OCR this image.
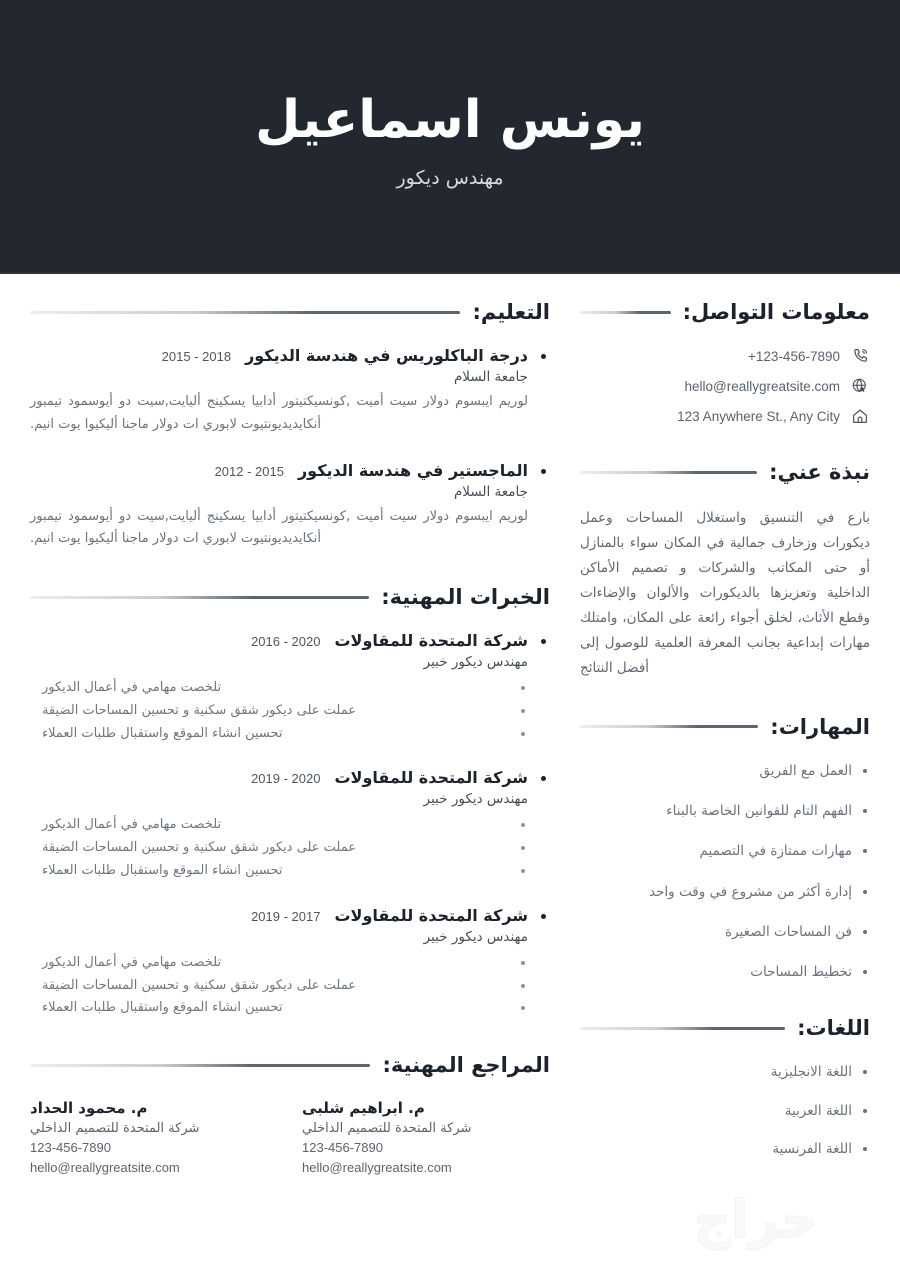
يونس اسماعيل
مهندس ديكور
معلومات التواصل:
+123-456-7890
hello@reallygreatsite.com
123 Anywhere St., Any City
نبذة عني:

بارع في التنسيق واستغلال المساحات وعمل ديكورات وزخارف جمالية في المكان سواء بالمنازل أو حتى المكاتب والشركات و تصميم الأماكن الداخلية وتعزيزها بالديكورات والألوان والإضاءات وقطع الأثاث، لخلق أجواء رائعة على المكان، وامتلك مهارات إبداعية بجانب المعرفة العلمية للوصول إلى أفضل النتائج

المهارات:
العمل مع الفريق
الفهم التام للقوانين الخاصة بالبناء
مهارات ممتازة في التصميم
إدارة أكثر من مشروع في وقت واحد
فن المساحات الصغيرة
تخطيط المساحات
اللغات:
اللغة الانجليزية
اللغة العربية
اللغة الفرنسية
التعليم:
درجة الباكلوريس في هندسة الديكور
2015 - 2018
جامعة السلام

لوريم ايبسوم دولار سيت أميت ,كونسيكتيتور أدابيا يسكينج أليايت,سيت دو أيوسمود تيمبور أنكايديديونتيوت لابوري ات دولار ماجنا أليكيوا يوت انيم.

الماجستير في هندسة الديكور
2012 - 2015
جامعة السلام

لوريم ايبسوم دولار سيت أميت ,كونسيكتيتور أدابيا يسكينج أليايت,سيت دو أيوسمود تيمبور أنكايديديونتيوت لابوري ات دولار ماجنا أليكيوا يوت انيم.

الخبرات المهنية:
شركة المتحدة للمقاولات
2016 - 2020
مهندس ديكور خبير
تلخصت مهامي في أعمال الديكور
عملت على ديكور شقق سكنية و تحسين المساحات الضيقة
تحسين انشاء الموقع واستقبال طلبات العملاء
شركة المتحدة للمقاولات
2019 - 2020
مهندس ديكور خبير
تلخصت مهامي في أعمال الديكور
عملت على ديكور شقق سكنية و تحسين المساحات الضيقة
تحسين انشاء الموقع واستقبال طلبات العملاء
شركة المتحدة للمقاولات
2019 - 2017
مهندس ديكور خبير
تلخصت مهامي في أعمال الديكور
عملت على ديكور شقق سكنية و تحسين المساحات الضيقة
تحسين انشاء الموقع واستقبال طلبات العملاء
المراجع المهنية:
م. ابراهيم شلبى
شركة المتحدة للتصميم الداخلي
123-456-7890
hello@reallygreatsite.com
م. محمود الحداد
شركة المتحدة للتصميم الداخلي
123-456-7890
hello@reallygreatsite.com
حراج
